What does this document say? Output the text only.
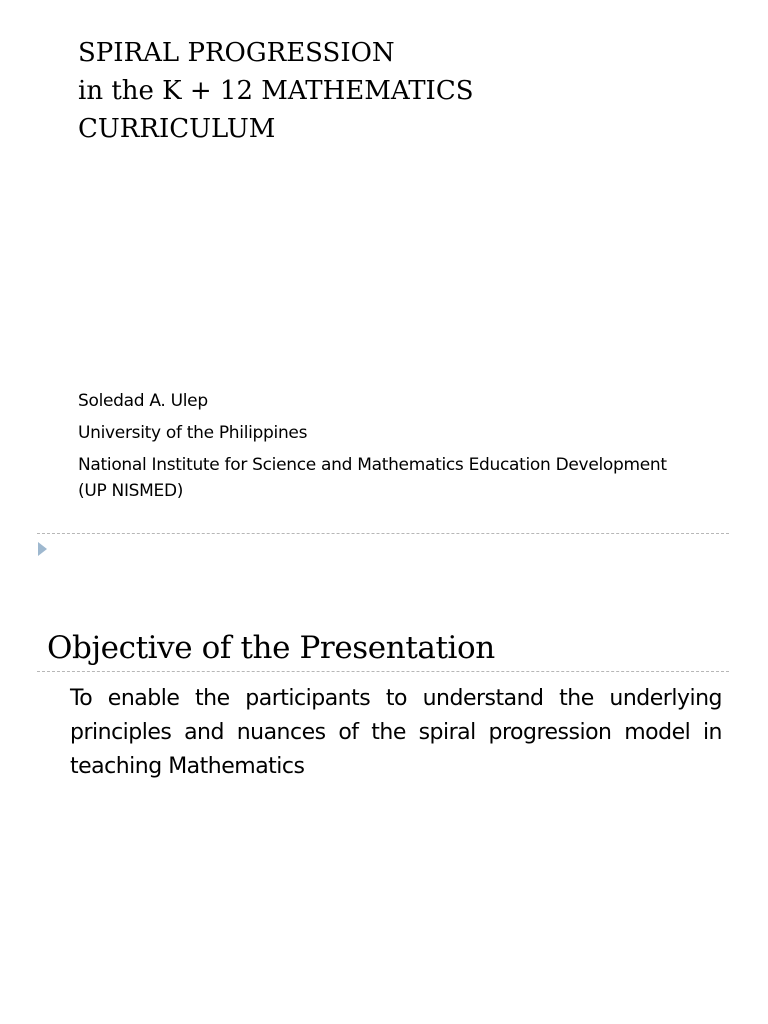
SPIRAL PROGRESSION
in the K + 12 MATHEMATICS
CURRICULUM
Soledad A. Ulep
University of the Philippines
National Institute for Science and Mathematics Education Development
(UP NISMED)
Objective of the Presentation

To enable the participants to understand the underlying principles and nuances of the spiral progression model in teaching Mathematics
